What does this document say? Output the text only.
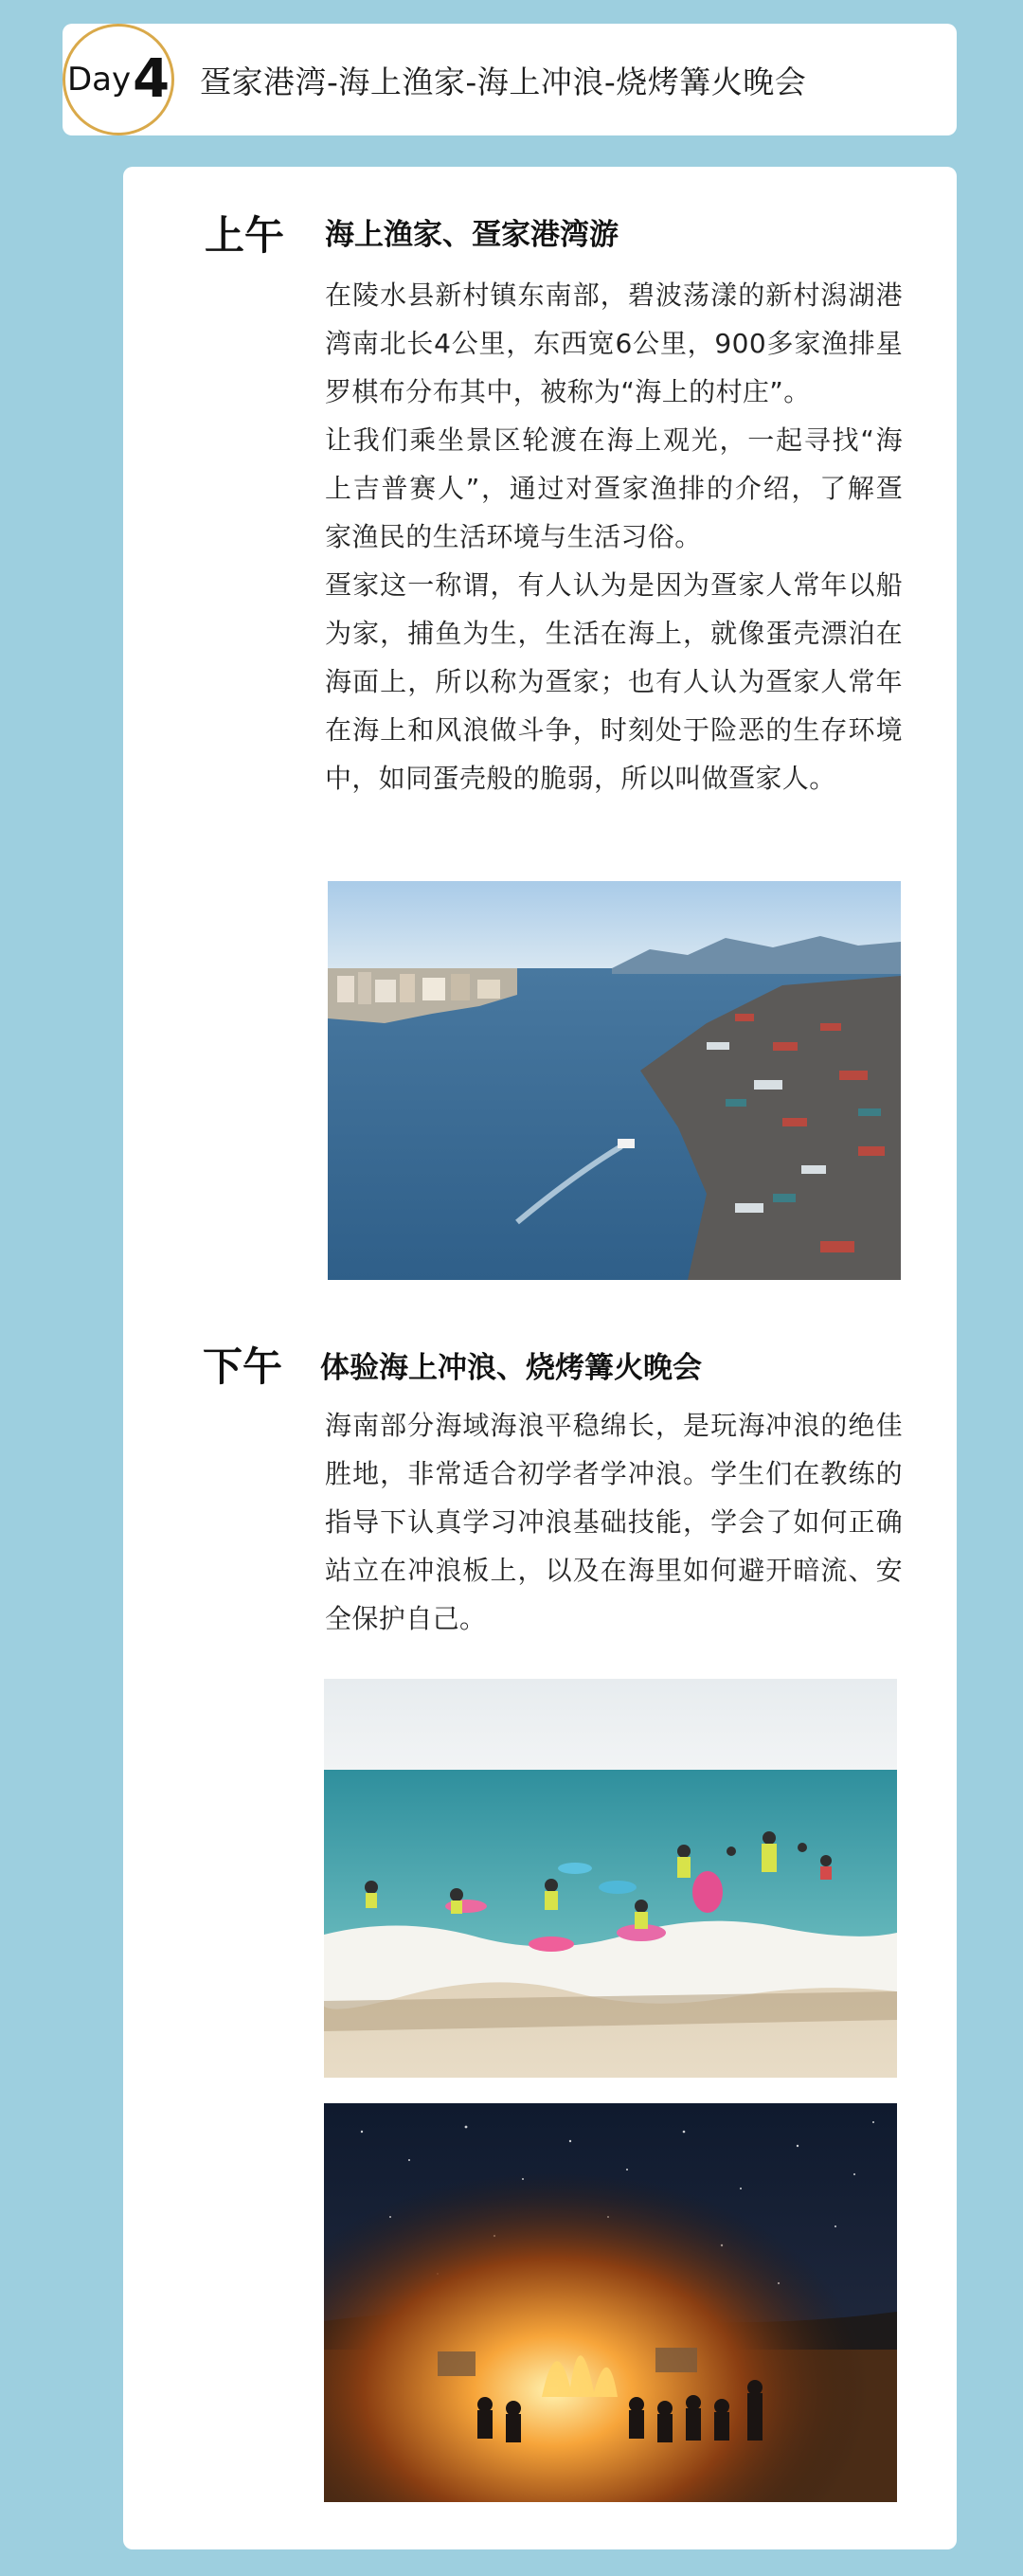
Day 4 疍家港湾-海上渔家-海上冲浪-烧烤篝火晚会
上午 海上渔家、疍家港湾游
在陵水县新村镇东南部，碧波荡漾的新村潟湖港湾南北长4公里，东西宽6公里，900多家渔排星罗棋布分布其中，被称为“海上的村庄”。
让我们乘坐景区轮渡在海上观光，一起寻找“海上吉普赛人”，通过对疍家渔排的介绍，了解疍家渔民的生活环境与生活习俗。
疍家这一称谓，有人认为是因为疍家人常年以船为家，捕鱼为生，生活在海上，就像蛋壳漂泊在海面上，所以称为疍家；也有人认为疍家人常年在海上和风浪做斗争，时刻处于险恶的生存环境中，如同蛋壳般的脆弱，所以叫做疍家人。
下午 体验海上冲浪、烧烤篝火晚会
海南部分海域海浪平稳绵长，是玩海冲浪的绝佳胜地，非常适合初学者学冲浪。学生们在教练的指导下认真学习冲浪基础技能，学会了如何正确站立在冲浪板上，以及在海里如何避开暗流、安全保护自己。
